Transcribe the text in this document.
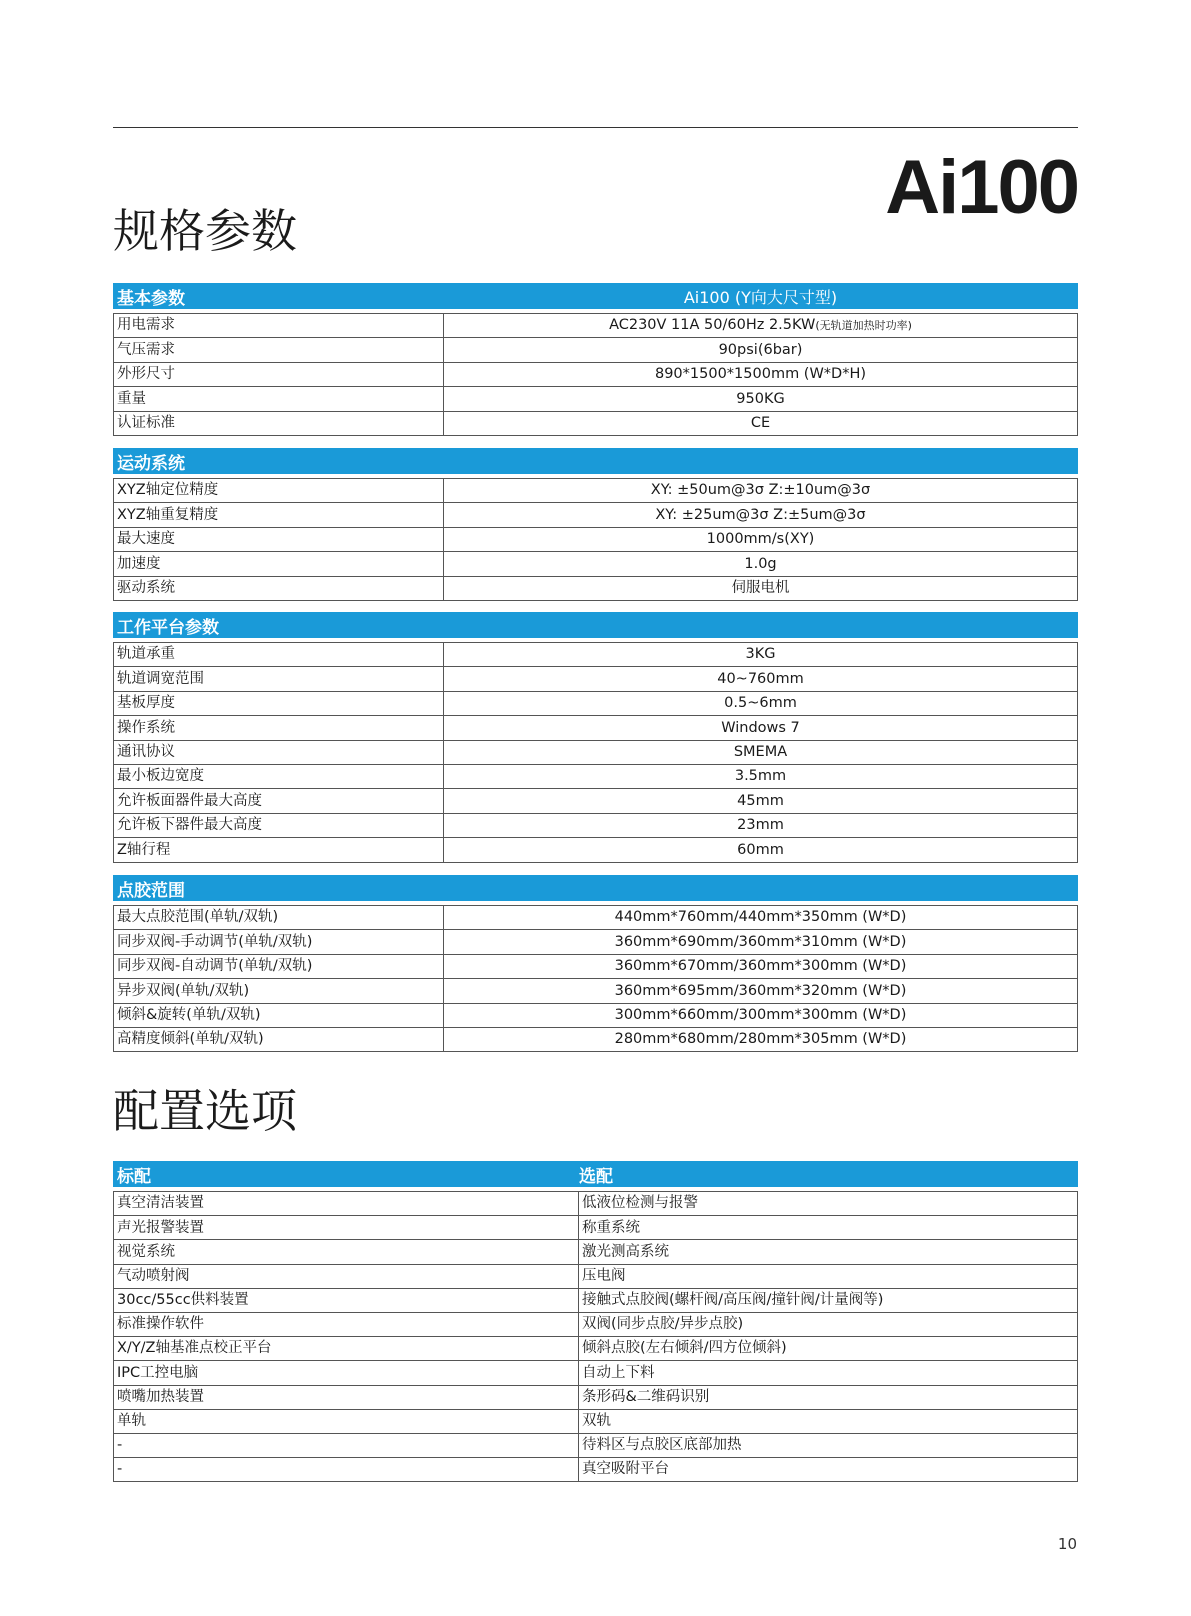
Ai100
规格参数
基本参数	Ai100 (Y向大尺寸型)
用电需求	AC230V 11A 50/60Hz 2.5KW(无轨道加热时功率)
气压需求	90psi(6bar)
外形尺寸	890*1500*1500mm (W*D*H)
重量	950KG
认证标准	CE
运动系统
XYZ轴定位精度	XY: ±50um@3σ Z:±10um@3σ
XYZ轴重复精度	XY: ±25um@3σ Z:±5um@3σ
最大速度	1000mm/s(XY)
加速度	1.0g
驱动系统	伺服电机
工作平台参数
轨道承重	3KG
轨道调宽范围	40~760mm
基板厚度	0.5~6mm
操作系统	Windows 7
通讯协议	SMEMA
最小板边宽度	3.5mm
允许板面器件最大高度	45mm
允许板下器件最大高度	23mm
Z轴行程	60mm
点胶范围
最大点胶范围(单轨/双轨)	440mm*760mm/440mm*350mm (W*D)
同步双阀-手动调节(单轨/双轨)	360mm*690mm/360mm*310mm (W*D)
同步双阀-自动调节(单轨/双轨)	360mm*670mm/360mm*300mm (W*D)
异步双阀(单轨/双轨)	360mm*695mm/360mm*320mm (W*D)
倾斜&旋转(单轨/双轨)	300mm*660mm/300mm*300mm (W*D)
高精度倾斜(单轨/双轨)	280mm*680mm/280mm*305mm (W*D)
配置选项
标配	选配
真空清洁装置	低液位检测与报警
声光报警装置	称重系统
视觉系统	激光测高系统
气动喷射阀	压电阀
30cc/55cc供料装置	接触式点胶阀(螺杆阀/高压阀/撞针阀/计量阀等)
标准操作软件	双阀(同步点胶/异步点胶)
X/Y/Z轴基准点校正平台	倾斜点胶(左右倾斜/四方位倾斜)
IPC工控电脑	自动上下料
喷嘴加热装置	条形码&二维码识别
单轨	双轨
-	待料区与点胶区底部加热
-	真空吸附平台
10
